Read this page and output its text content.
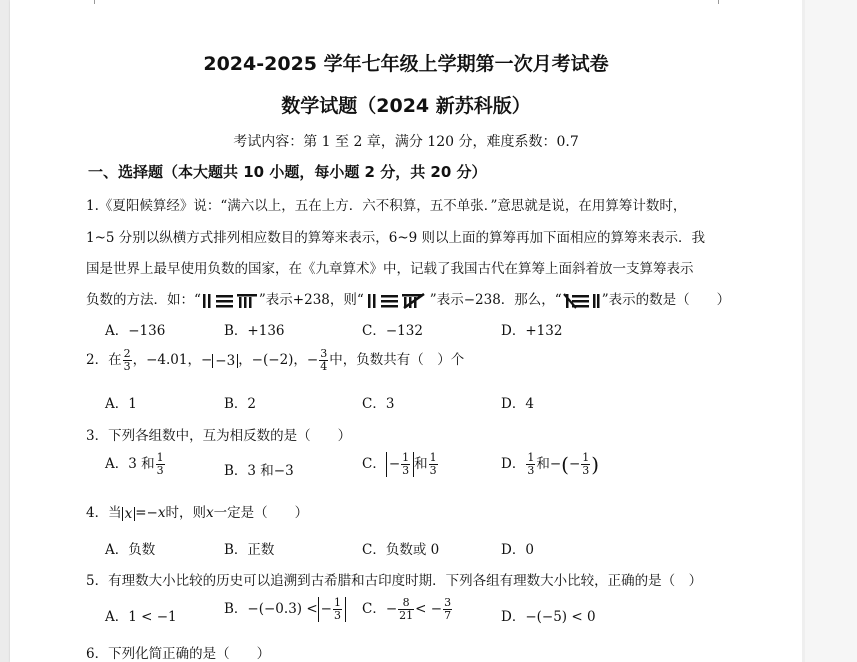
2024-2025 学年七年级上学期第一次月考试卷
数学试题（2024 新苏科版）
考试内容：第 1 至 2 章，满分 120 分，难度系数：0.7
一、选择题（本大题共 10 小题，每小题 2 分，共 20 分）
1.《夏阳候算经》说：“满六以上，五在上方．六不积算，五不单张．”意思就是说，在用算筹计数时，
1~5 分别以纵横方式排列相应数目的算筹来表示，6~9 则以上面的算筹再加下面相应的算筹来表示．我
国是世界上最早使用负数的国家，在《九章算术》中，记载了我国古代在算筹上面斜着放一支算筹表示
负数的方法．如：“	”表示+238，则“	”表示−238．那么，“	”表示的数是（　　）
A．−136	B．+136	C．−132	D．+132
2．在 $\frac{2}{3}$ ，−4.01，− −3 ，−(−2)，− $\frac{3}{4}$ 中，负数共有（　）个
A．1	B．2	C．3	D．4
3．下列各组数中，互为相反数的是（　　）
A．3 和 $\frac{1}{3}$	B．3 和−3	C． − $\frac{1}{3}$ 和 $\frac{1}{3}$	D． $\frac{1}{3}$ 和−(− $\frac{1}{3}$ )
4．当 x =−x时，则x一定是（　　）
A．负数	B．正数	C．负数或 0	D．0
5．有理数大小比较的历史可以追溯到古希腊和古印度时期．下列各组有理数大小比较，正确的是（　）
A．1 < −1	B．−(−0.3) < − $\frac{1}{3}$ C．− $\frac{8}{21}$ < − $\frac{3}{7}$	D．−(−5) < 0
6．下列化简正确的是（　　）
